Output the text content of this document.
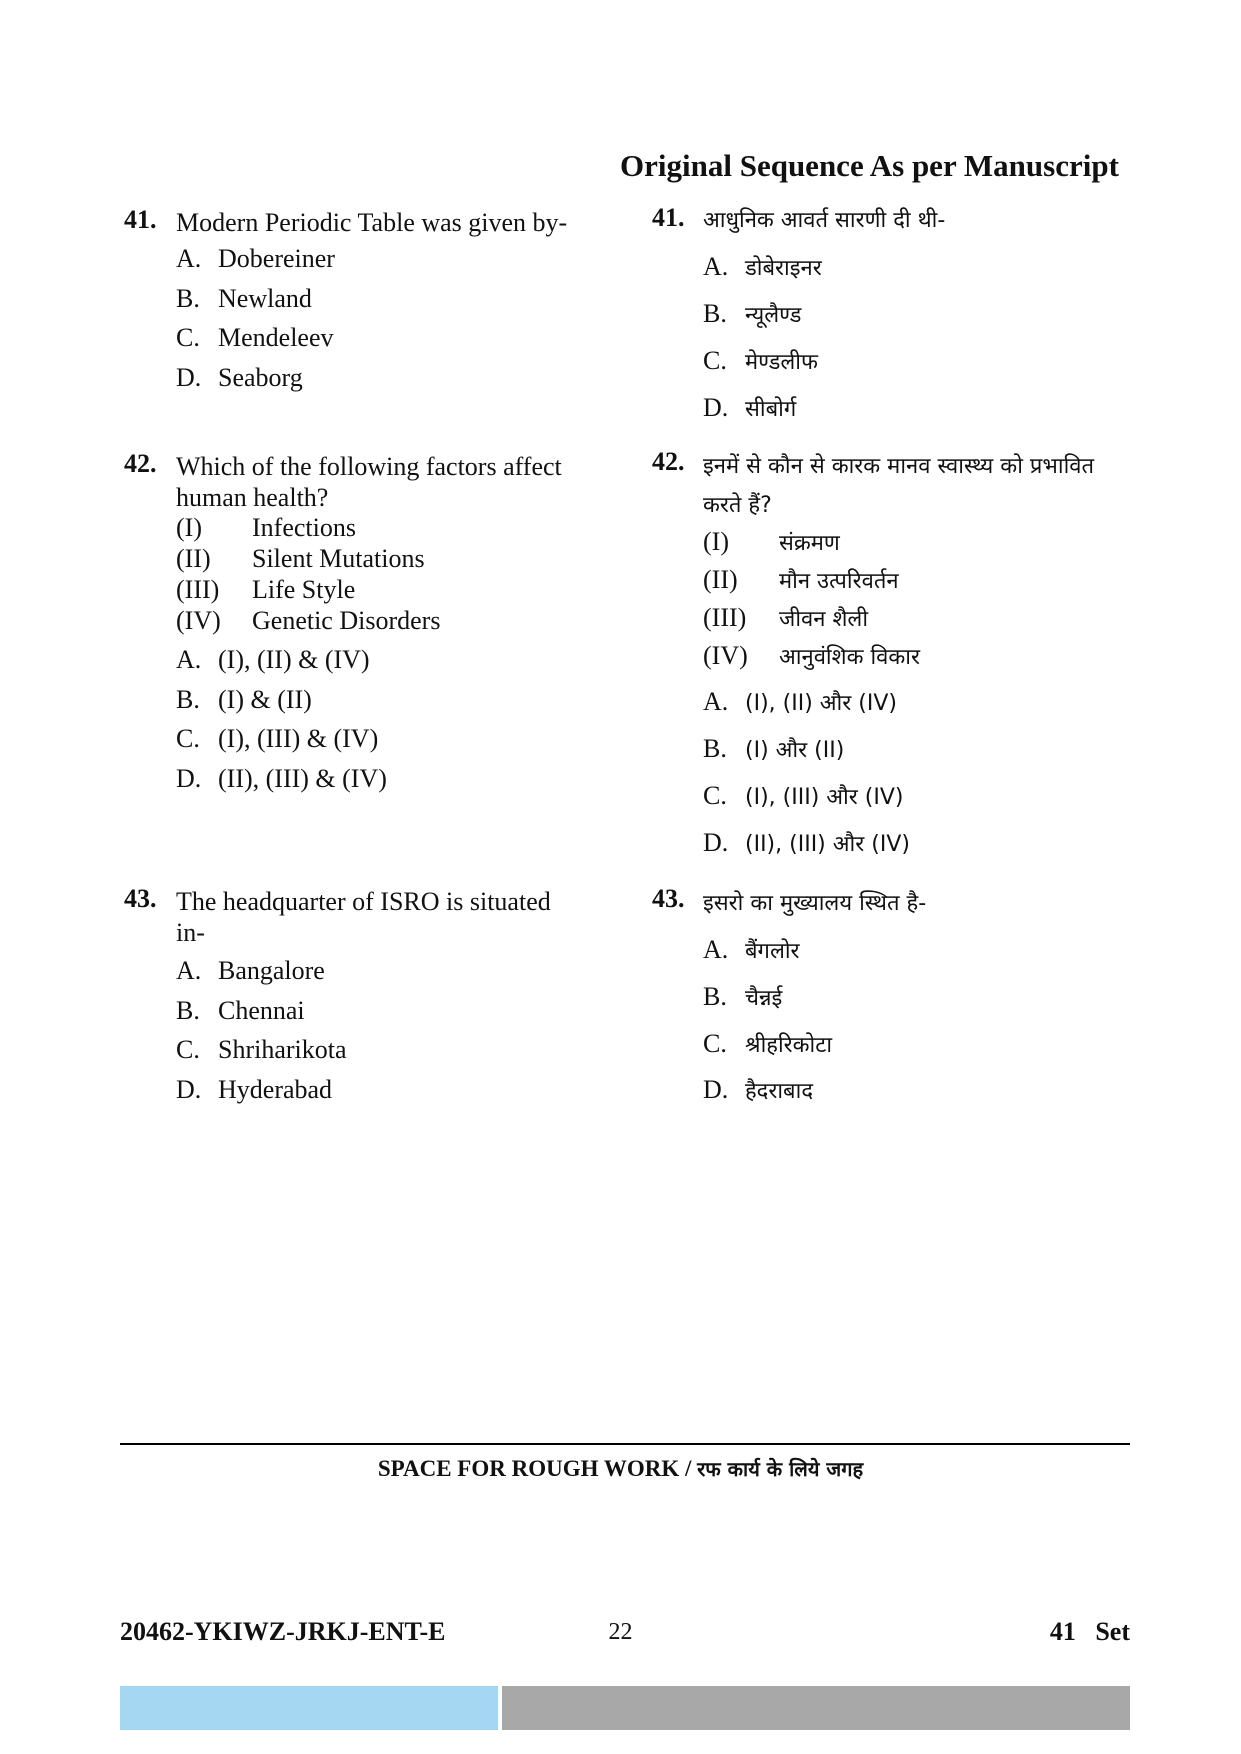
Original Sequence As per Manuscript
41. Modern Periodic Table was given by-
A. Dobereiner
B. Newland
C. Mendeleev
D. Seaborg
42. Which of the following factors affect
human health?
(I) Infections
(II) Silent Mutations
(III) Life Style
(IV) Genetic Disorders
A. (I), (II) & (IV)
B. (I) & (II)
C. (I), (III) & (IV)
D. (II), (III) & (IV)
43. The headquarter of ISRO is situated
in-
A. Bangalore
B. Chennai
C. Shriharikota
D. Hyderabad
41. आधुनिक आवर्त सारणी दी थी-
A. डोबेराइनर
B. न्यूलैण्ड
C. मेण्डलीफ
D. सीबोर्ग
42. इनमें से कौन से कारक मानव स्वास्थ्य को प्रभावित
करते हैं?
(I) संक्रमण
(II) मौन उत्परिवर्तन
(III) जीवन शैली
(IV) आनुवंशिक विकार
A. (I), (II) और (IV)
B. (I) और (II)
C. (I), (III) और (IV)
D. (II), (III) और (IV)
43. इसरो का मुख्यालय स्थित है-
A. बैंगलोर
B. चैन्नई
C. श्रीहरिकोटा
D. हैदराबाद
SPACE FOR ROUGH WORK / रफ कार्य के लिये जगह
20462-YKIWZ-JRKJ-ENT-E	22	41   Set
